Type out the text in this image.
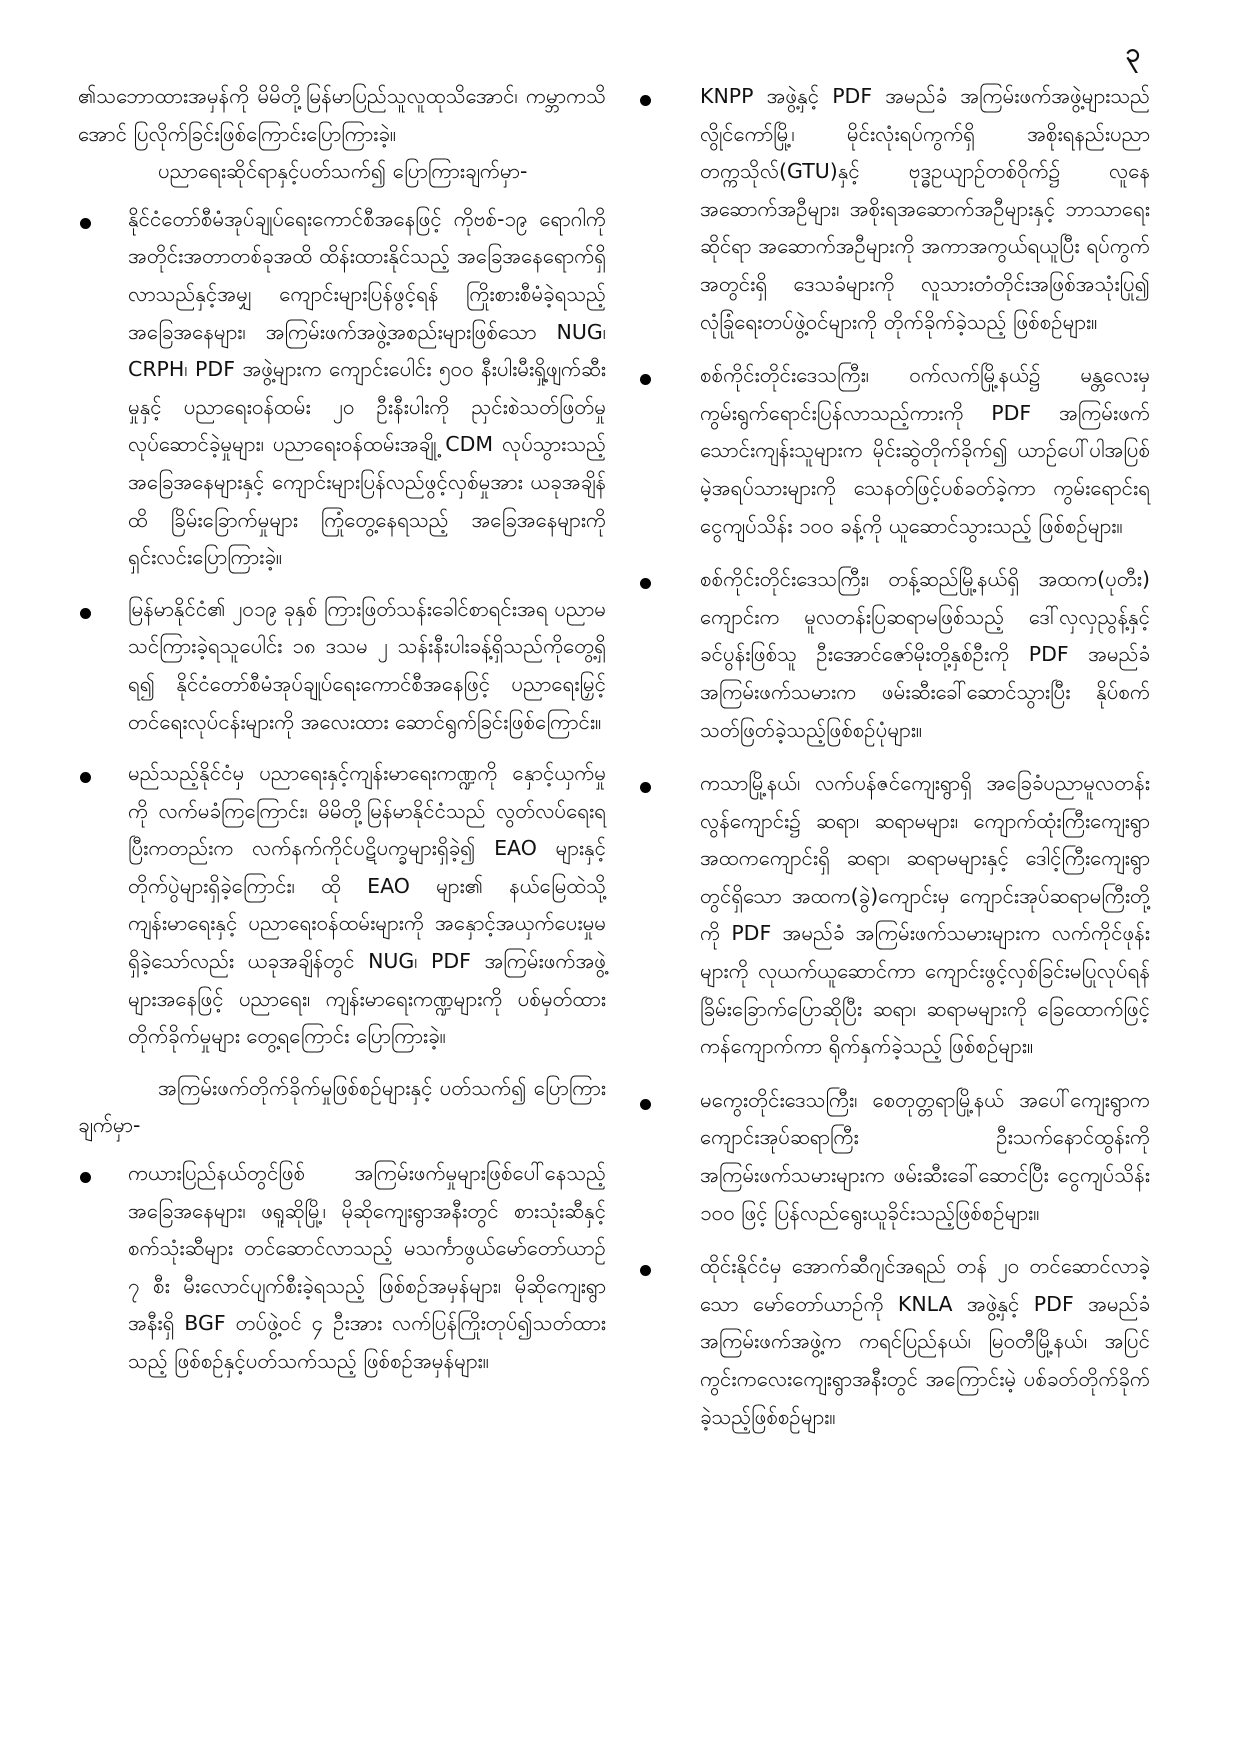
၃

၏သဘောထားအမှန်ကို မိမိတို့မြန်မာပြည်သူလူထုသိအောင်၊ ကမ္ဘာကသိအောင် ပြလိုက်ခြင်းဖြစ်ကြောင်းပြောကြားခဲ့။

ပညာရေးဆိုင်ရာနှင့်ပတ်သက်၍ ပြောကြားချက်မှာ-

နိုင်ငံတော်စီမံအုပ်ချုပ်ရေးကောင်စီအနေဖြင့် ကိုဗစ်-၁၉ ရောဂါကို အတိုင်းအတာတစ်ခုအထိ ထိန်းထားနိုင်သည့် အခြေအနေရောက်ရှိလာသည်နှင့်အမျှ ကျောင်းများပြန်ဖွင့်ရန် ကြိုးစားစီမံခဲ့ရသည့် အခြေအနေများ၊ အကြမ်းဖက်အဖွဲ့အစည်းများဖြစ်သော NUG၊ CRPH၊ PDF အဖွဲ့များက ကျောင်းပေါင်း ၅၀၀ နီးပါးမီးရှို့ဖျက်ဆီးမှုနှင့် ပညာရေးဝန်ထမ်း ၂၀ ဦးနီးပါးကို ညှင်းစဲသတ်ဖြတ်မှု လုပ်ဆောင်ခဲ့မှုများ၊ ပညာရေးဝန်ထမ်းအချို့ CDM လုပ်သွားသည့် အခြေအနေများနှင့် ကျောင်းများပြန်လည်ဖွင့်လှစ်မှုအား ယခုအချိန်ထိ ခြိမ်းခြောက်မှုများ ကြုံတွေ့နေရသည့် အခြေအနေများကို ရှင်းလင်းပြောကြားခဲ့။
မြန်မာနိုင်ငံ၏ ၂၀၁၉ ခုနှစ် ကြားဖြတ်သန်းခေါင်စာရင်းအရ ပညာမသင်ကြားခဲ့ရသူပေါင်း ၁၈ ဒသမ ၂ သန်းနီးပါးခန့်ရှိသည်ကိုတွေ့ရှိရ၍ နိုင်ငံတော်စီမံအုပ်ချုပ်ရေးကောင်စီအနေဖြင့် ပညာရေးမြှင့်တင်ရေးလုပ်ငန်းများကို အလေးထား ဆောင်ရွက်ခြင်းဖြစ်ကြောင်း။
မည်သည့်နိုင်ငံမှ ပညာရေးနှင့်ကျန်းမာရေးကဏ္ဍကို နှောင့်ယှက်မှုကို လက်မခံကြကြောင်း၊ မိမိတို့မြန်မာနိုင်ငံသည် လွတ်လပ်ရေးရပြီးကတည်းက လက်နက်ကိုင်ပဋိပက္ခများရှိခဲ့၍ EAO များနှင့် တိုက်ပွဲများရှိခဲ့ကြောင်း၊ ထို EAO များ၏ နယ်မြေထဲသို့ ကျန်းမာရေးနှင့် ပညာရေးဝန်ထမ်းများကို အနှောင့်အယှက်ပေးမှုမရှိခဲ့သော်လည်း ယခုအချိန်တွင် NUG၊ PDF အကြမ်းဖက်အဖွဲ့များအနေဖြင့် ပညာရေး၊ ကျန်းမာရေးကဏ္ဍများကို ပစ်မှတ်ထားတိုက်ခိုက်မှုများ တွေ့ရကြောင်း ပြောကြားခဲ့။

အကြမ်းဖက်တိုက်ခိုက်မှုဖြစ်စဉ်များနှင့် ပတ်သက်၍ ပြောကြားချက်မှာ-

ကယားပြည်နယ်တွင်ဖြစ် အကြမ်းဖက်မှုများဖြစ်ပေါ်နေသည့်အခြေအနေများ၊ ဖရူဆိုမြို့၊ မိုဆိုကျေးရွာအနီးတွင် စားသုံးဆီနှင့် စက်သုံးဆီများ တင်ဆောင်လာသည့် မသင်္ကာဖွယ်မော်တော်ယာဉ် ၇ စီး မီးလောင်ပျက်စီးခဲ့ရသည့် ဖြစ်စဉ်အမှန်များ၊ မိုဆိုကျေးရွာအနီးရှိ BGF တပ်ဖွဲ့ဝင် ၄ ဦးအား လက်ပြန်ကြိုးတုပ်၍သတ်ထားသည့် ဖြစ်စဉ်နှင့်ပတ်သက်သည့် ဖြစ်စဉ်အမှန်များ။
KNPP အဖွဲ့နှင့် PDF အမည်ခံ အကြမ်းဖက်အဖွဲ့များသည် လွိုင်ကော်မြို့၊ မိုင်းလုံးရပ်ကွက်ရှိ အစိုးရနည်းပညာတက္ကသိုလ်(GTU)နှင့် ဗုဒ္ဓဥယျာဉ်တစ်ဝိုက်၌ လူနေအဆောက်အဦများ၊ အစိုးရအဆောက်အဦများနှင့် ဘာသာရေးဆိုင်ရာ အဆောက်အဦများကို အကာအကွယ်ရယူပြီး ရပ်ကွက်အတွင်းရှိ ဒေသခံများကို လူသားတံတိုင်းအဖြစ်အသုံးပြု၍ လုံခြုံရေးတပ်ဖွဲ့ဝင်များကို တိုက်ခိုက်ခဲ့သည့် ဖြစ်စဉ်များ။
စစ်ကိုင်းတိုင်းဒေသကြီး၊ ဝက်လက်မြို့နယ်၌ မန္တလေးမှ ကွမ်းရွက်ရောင်းပြန်လာသည့်ကားကို PDF အကြမ်းဖက်သောင်းကျန်းသူများက မိုင်းဆွဲတိုက်ခိုက်၍ ယာဉ်ပေါ်ပါအပြစ်မဲ့အရပ်သားများကို သေနတ်ဖြင့်ပစ်ခတ်ခဲ့ကာ ကွမ်းရောင်းရ ငွေကျပ်သိန်း ၁၀၀ ခန့်ကို ယူဆောင်သွားသည့် ဖြစ်စဉ်များ။
စစ်ကိုင်းတိုင်းဒေသကြီး၊ တန့်ဆည်မြို့နယ်ရှိ အထက(ပုတီး) ကျောင်းက မူလတန်းပြဆရာမဖြစ်သည့် ဒေါ်လှလှညွန့်နှင့် ခင်ပွန်းဖြစ်သူ ဦးအောင်ဇော်မိုးတို့နှစ်ဦးကို PDF အမည်ခံ အကြမ်းဖက်သမားက ဖမ်းဆီးခေါ်ဆောင်သွားပြီး နိုပ်စက်သတ်ဖြတ်ခဲ့သည့်ဖြစ်စဉ်ပုံများ။
ကသာမြို့နယ်၊ လက်ပန်ဇင်ကျေးရွာရှိ အခြေခံပညာမူလတန်းလွန်ကျောင်း၌ ဆရာ၊ ဆရာမများ၊ ကျောက်ထုံးကြီးကျေးရွာ အထကကျောင်းရှိ ဆရာ၊ ဆရာမများနှင့် ဒေါင့်ကြီးကျေးရွာတွင်ရှိသော အထက(ခွဲ)ကျောင်းမှ ကျောင်းအုပ်ဆရာမကြီးတို့ကို PDF အမည်ခံ အကြမ်းဖက်သမားများက လက်ကိုင်ဖုန်းများကို လုယက်ယူဆောင်ကာ ကျောင်းဖွင့်လှစ်ခြင်းမပြုလုပ်ရန် ခြိမ်းခြောက်ပြောဆိုပြီး ဆရာ၊ ဆရာမများကို ခြေထောက်ဖြင့် ကန်ကျောက်ကာ ရိုက်နှက်ခဲ့သည့် ဖြစ်စဉ်များ။
မကွေးတိုင်းဒေသကြီး၊ စေတုတ္တရာမြို့နယ် အပေါ်ကျေးရွာက ကျောင်းအုပ်ဆရာကြီး ဦးသက်နောင်ထွန်းကို အကြမ်းဖက်သမားများက ဖမ်းဆီးခေါ်ဆောင်ပြီး ငွေကျပ်သိန်း ၁၀၀ ဖြင့် ပြန်လည်ရွေးယူခိုင်းသည့်ဖြစ်စဉ်များ။
ထိုင်းနိုင်ငံမှ အောက်ဆီဂျင်အရည် တန် ၂၀ တင်ဆောင်လာခဲ့သော မော်တော်ယာဉ်ကို KNLA အဖွဲ့နှင့် PDF အမည်ခံအကြမ်းဖက်အဖွဲ့က ကရင်ပြည်နယ်၊ မြဝတီမြို့နယ်၊ အပြင်ကွင်းကလေးကျေးရွာအနီးတွင် အကြောင်းမဲ့ ပစ်ခတ်တိုက်ခိုက်ခဲ့သည့်ဖြစ်စဉ်များ။
